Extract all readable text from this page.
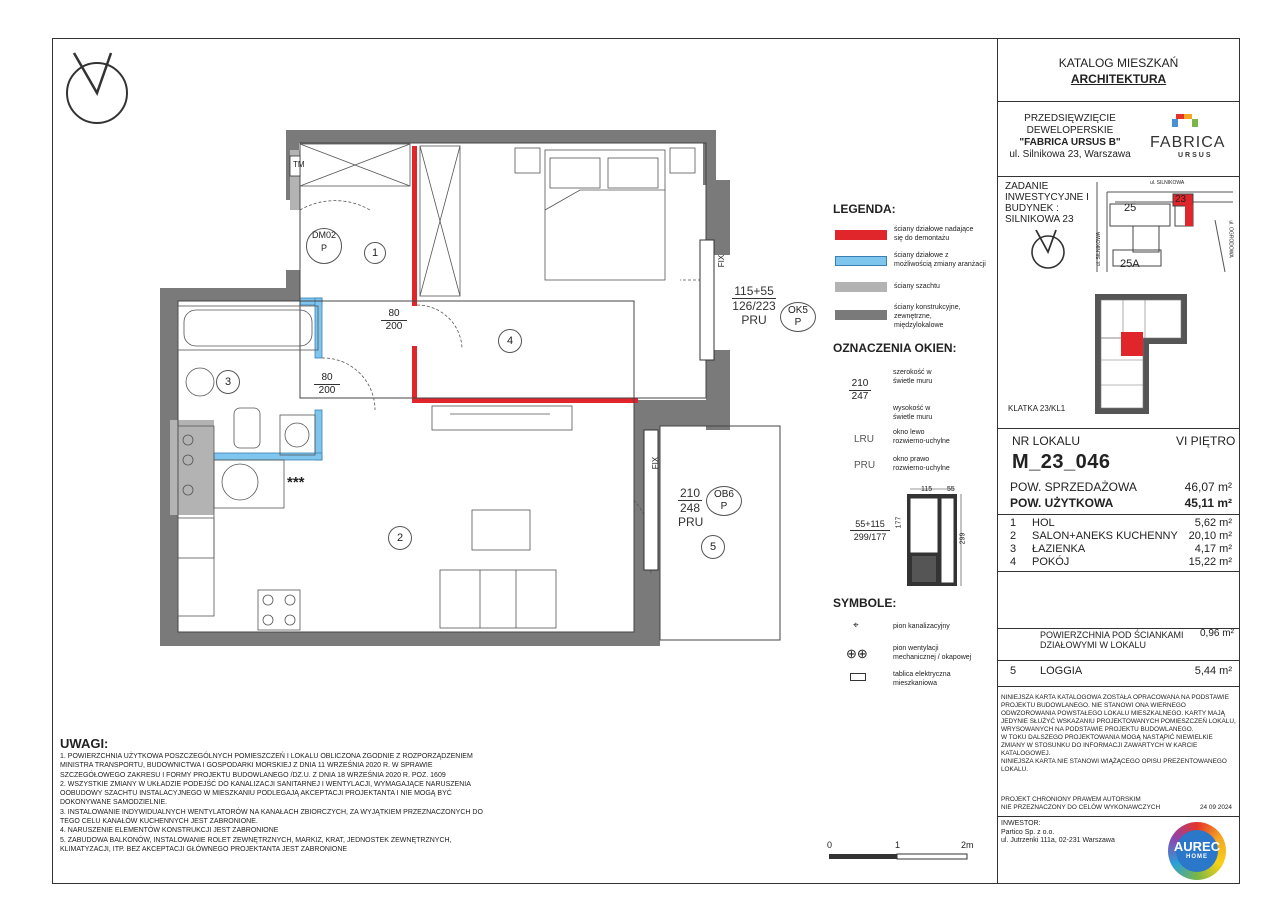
TM
DM02
P	1
4
3
2
5
80
200
80
200
115+55
126/223
PRU
OK5
P
210
248
PRU
OB6
P
FIX
FIX
***
LEGENDA:
ściany działowe nadające
się do demontażu
ściany działowe z
możliwością zmiany aranżacji
ściany szachtu
ściany konstrukcyjne,
zewnętrzne,
międzylokalowe
OZNACZENIA OKIEN:
210
247
szerokość w
świetle muru
wysokość w
świetle muru
LRU
okno lewo
rozwierno-uchylne
PRU
okno prawo
rozwierno-uchylne
55+115
299/177
115 55
177
299
SYMBOLE:
⌖	pion kanalizacyjny
⊕⊕	pion wentylacji
mechanicznej / okapowej
tablica elektryczna
mieszkaniowa
UWAGI:
1. POWIERZCHNIA UŻYTKOWA POSZCZEGÓLNYCH POMIESZCZEŃ I LOKALU OBLICZONA ZGODNIE Z ROZPORZĄDZENIEM
MINISTRA TRANSPORTU, BUDOWNICTWA I GOSPODARKI MORSKIEJ Z DNIA 11 WRZEŚNIA 2020 R. W SPRAWIE
SZCZEGÓŁOWEGO ZAKRESU I FORMY PROJEKTU BUDOWLANEGO /DZ.U. Z DNIA 18 WRZEŚNIA 2020 R. POZ. 1609
2. WSZYSTKIE ZMIANY W UKŁADZIE PODEJŚĆ DO KANALIZACJI SANITARNEJ I WENTYLACJI, WYMAGAJĄCE NARUSZENIA
OOBUDOWY SZACHTU INSTALACYJNEGO W MIESZKANIU PODLEGAJĄ AKCEPTACJI PROJEKTANTA I NIE MOGĄ BYĆ
DOKONYWANE SAMODZIELNIE.
3. INSTALOWANIE INDYWIDUALNYCH WENTYLATORÓW NA KANAŁACH ZBIORCZYCH, ZA WYJĄTKIEM PRZEZNACZONYCH DO
TEGO CELU KANAŁÓW KUCHENNYCH JEST ZABRONIONE.
4. NARUSZENIE ELEMENTÓW KONSTRUKCJI JEST ZABRONIONE
5. ZABUDOWA BALKONÓW, INSTALOWANIE ROLET ZEWNĘTRZNYCH, MARKIZ, KRAT, JEDNOSTEK ZEWNĘTRZNYCH,
KLIMATYZACJI, ITP. BEZ AKCEPTACJI GŁÓWNEGO PROJEKTANTA JEST ZABRONIONE	0	1	2m
KATALOG MIESZKAŃ
ARCHITEKTURA
PRZEDSIĘWZIĘCIE
DEWELOPERSKIE
"FABRICA URSUS B"
ul. Silnikowa 23, Warszawa
FABRICA
URSUS
ZADANIE
INWESTYCYJNE I
BUDYNEK :
SILNIKOWA 23
ul. SILNIKOWA
ul. OGRODOWA
ul. SILNIKOWA
25
23
25A
KLATKA 23/KL1
NR LOKALU	VI PIĘTRO
M_23_046
POW. SPRZEDAŻOWA	46,07 m²
POW. UŻYTKOWA	45,11 m²
1	HOL	5,62 m²
2	SALON+ANEKS KUCHENNY 20,10 m²
3	ŁAZIENKA	4,17 m²
4	POKÓJ	15,22 m²
POWIERZCHNIA POD ŚCIANKAMI
DZIAŁOWYMI W LOKALU
0,96 m²
5	LOGGIA	5,44 m²
NINIEJSZA KARTA KATALOGOWA ZOSTAŁA OPRACOWANA NA PODSTAWIE
PROJEKTU BUDOWLANEGO. NIE STANOWI ONA WIERNEGO
ODWZOROWANIA POWSTAŁEGO LOKALU MIESZKALNEGO. KARTY MAJĄ
JEDYNIE SŁUŻYĆ WSKAZANIU PROJEKTOWANYCH POMIESZCZEŃ LOKALU,
WRYSOWANYCH NA PODSTAWIE PROJEKTU BUDOWLANEGO.
W TOKU DALSZEGO PROJEKTOWANIA MOGĄ NASTĄPIĆ NIEWIELKIE
ZMIANY W STOSUNKU DO INFORMACJI ZAWARTYCH W KARCIE
KATALOGOWEJ.
NINIEJSZA KARTA NIE STANOWI WIĄŻĄCEGO OPISU PREZENTOWANEGO
LOKALU.
PROJEKT CHRONIONY PRAWEM AUTORSKIM
NIE PRZEZNACZONY DO CELÓW WYKONAWCZYCH	24 09 2024
INWESTOR:
Partico Sp. z o.o.
ul. Jutrzenki 111a, 02-231 Warszawa	AUREC
HOME
